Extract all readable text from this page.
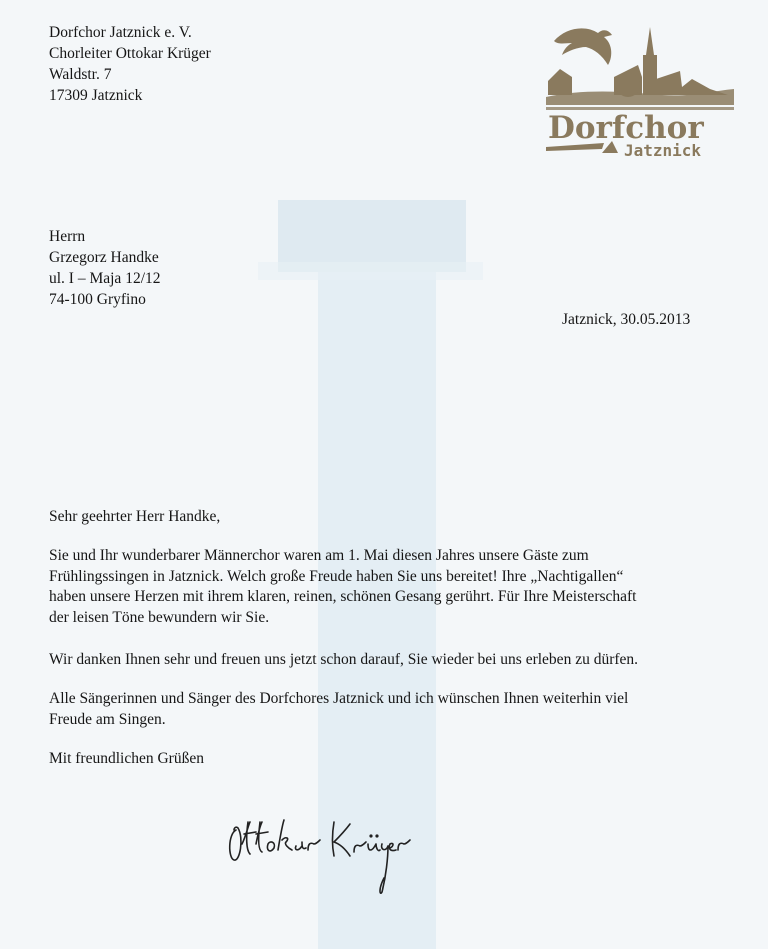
Dorfchor Jatznick e. V.
Chorleiter Ottokar Krüger
Waldstr. 7
17309 Jatznick
Dorfchor
Jatznick
Herrn
Grzegorz Handke
ul. I – Maja 12/12
74-100 Gryfino
Jatznick, 30.05.2013
Sehr geehrter Herr Handke,
Sie und Ihr wunderbarer Männerchor waren am 1. Mai diesen Jahres unsere Gäste zum
Frühlingssingen in Jatznick. Welch große Freude haben Sie uns bereitet! Ihre „Nachtigallen“
haben unsere Herzen mit ihrem klaren, reinen, schönen Gesang gerührt. Für Ihre Meisterschaft
der leisen Töne bewundern wir Sie.
Wir danken Ihnen sehr und freuen uns jetzt schon darauf, Sie wieder bei uns erleben zu dürfen.
Alle Sängerinnen und Sänger des Dorfchores Jatznick und ich wünschen Ihnen weiterhin viel
Freude am Singen.
Mit freundlichen Grüßen
